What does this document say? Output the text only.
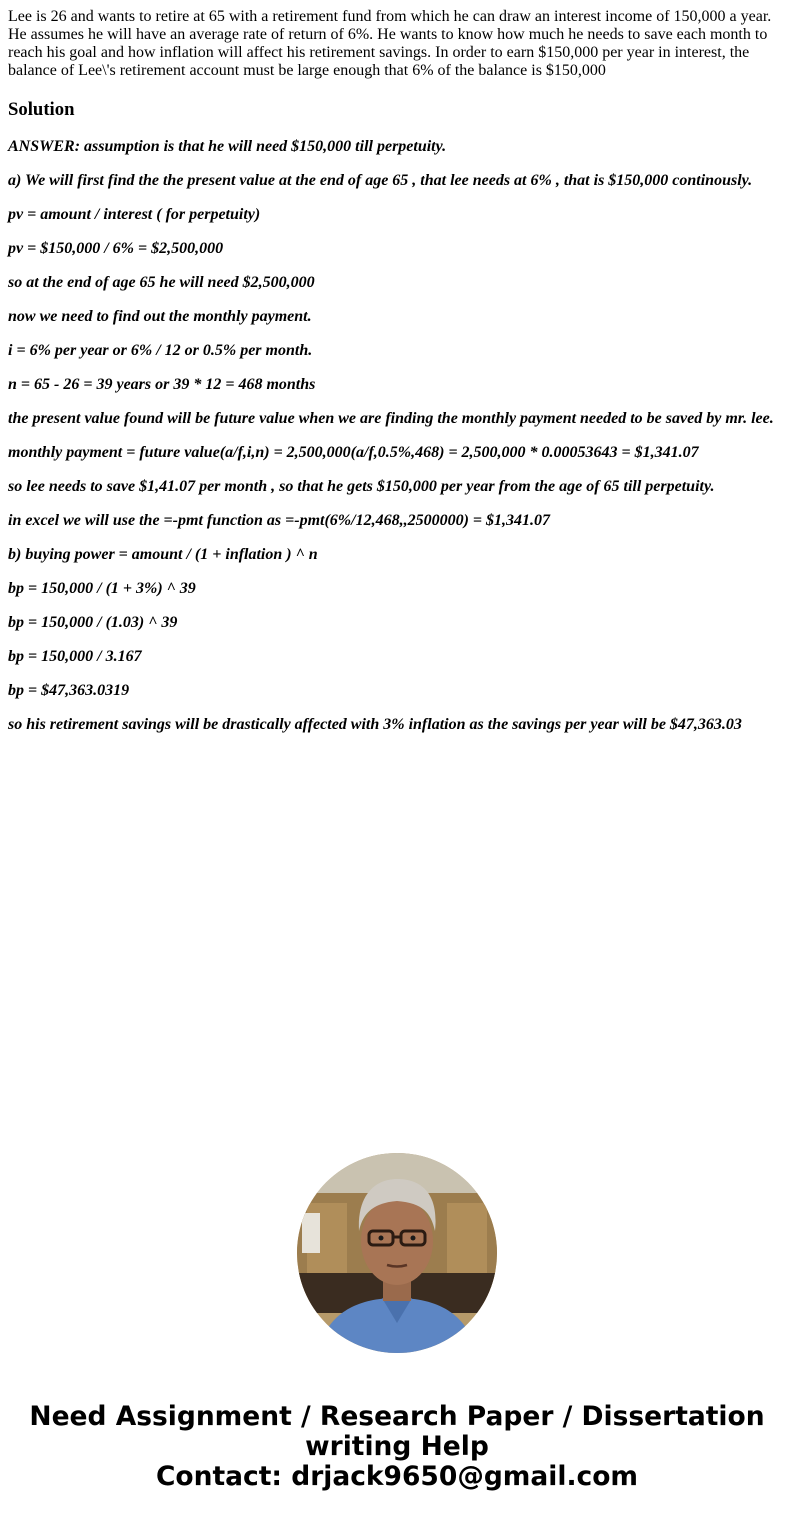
Lee is 26 and wants to retire at 65 with a retirement fund from which he can draw an interest income of 150,000 a year. He assumes he will have an average rate of return of 6%. He wants to know how much he needs to save each month to reach his goal and how inflation will affect his retirement savings. In order to earn $150,000 per year in interest, the balance of Lee\'s retirement account must be large enough that 6% of the balance is $150,000

Solution

ANSWER: assumption is that he will need $150,000 till perpetuity.

a) We will first find the the present value at the end of age 65 , that lee needs at 6% , that is $150,000 continously.

pv = amount / interest ( for perpetuity)

pv = $150,000 / 6% = $2,500,000

so at the end of age 65 he will need $2,500,000

now we need to find out the monthly payment.

i = 6% per year or 6% / 12 or 0.5% per month.

n = 65 - 26 = 39 years or 39 * 12 = 468 months

the present value found will be future value when we are finding the monthly payment needed to be saved by mr. lee.

monthly payment = future value(a/f,i,n) = 2,500,000(a/f,0.5%,468) = 2,500,000 * 0.00053643 = $1,341.07

so lee needs to save $1,41.07 per month , so that he gets $150,000 per year from the age of 65 till perpetuity.

in excel we will use the =-pmt function as =-pmt(6%/12,468,,2500000) = $1,341.07

b) buying power = amount / (1 + inflation ) ^ n

bp = 150,000 / (1 + 3%) ^ 39

bp = 150,000 / (1.03) ^ 39

bp = 150,000 / 3.167

bp = $47,363.0319

so his retirement savings will be drastically affected with 3% inflation as the savings per year will be $47,363.03

Need Assignment / Research Paper / Dissertation
writing Help
Contact: drjack9650@gmail.com
